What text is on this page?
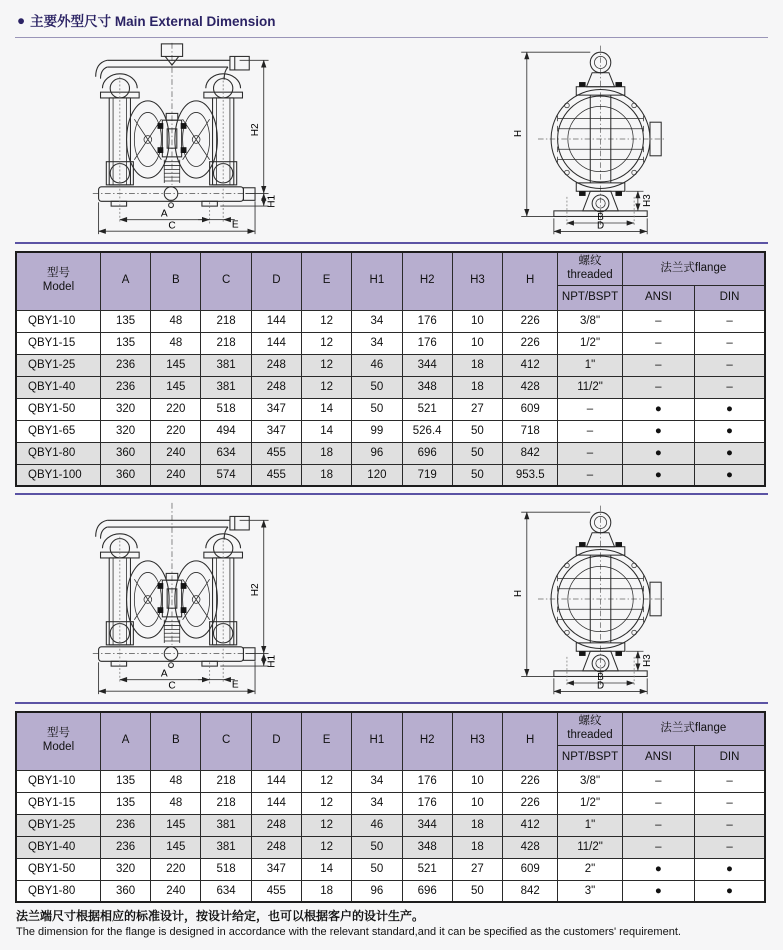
● 主要外型尺寸 Main External Dimension
H2
H1
A
E
C
H
H3
B
D
型号
Model	A	B	C	D	E	H1	H2	H3	H	螺纹
threaded	法兰式flange	
										NPT/BSPT	ANSI	DIN
QBY1-10	135	48	218	144	12	34	176	10	226	3/8"	–	–
QBY1-15	135	48	218	144	12	34	176	10	226	1/2"	–	–
QBY1-25	236	145	381	248	12	46	344	18	412	1"	–	–
QBY1-40	236	145	381	248	12	50	348	18	428	11/2"	–	–
QBY1-50	320	220	518	347	14	50	521	27	609	–	●	●
QBY1-65	320	220	494	347	14	99	526.4	50	718	–	●	●
QBY1-80	360	240	634	455	18	96	696	50	842	–	●	●
QBY1-100	360	240	574	455	18	120	719	50	953.5	–	●	●
H2
H1
A
E
C
H
H3
B
D
型号
Model	A	B	C	D	E	H1	H2	H3	H	螺纹
threaded	法兰式flange	
										NPT/BSPT	ANSI	DIN
QBY1-10	135	48	218	144	12	34	176	10	226	3/8"	–	–
QBY1-15	135	48	218	144	12	34	176	10	226	1/2"	–	–
QBY1-25	236	145	381	248	12	46	344	18	412	1"	–	–
QBY1-40	236	145	381	248	12	50	348	18	428	11/2"	–	–
QBY1-50	320	220	518	347	14	50	521	27	609	2"	●	●
QBY1-80	360	240	634	455	18	96	696	50	842	3"	●	●
法兰端尺寸根据相应的标准设计，按设计给定，也可以根据客户的设计生产。
The dimension for the flange is designed in accordance with the relevant standard,and it can be specified as the customers' requirement.
